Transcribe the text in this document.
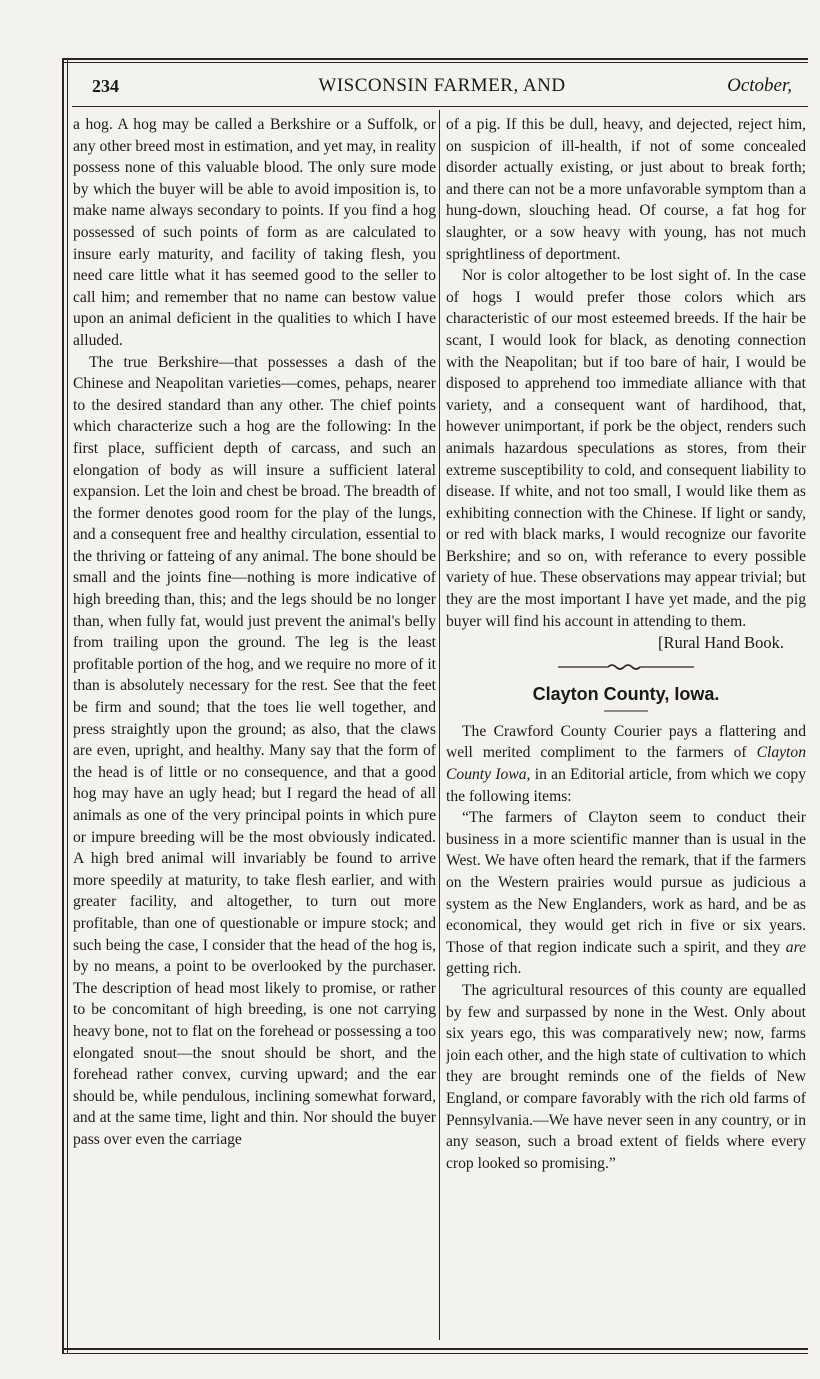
234	WISCONSIN FARMER, AND	October,

a hog. A hog may be called a Berkshire or a Suffolk, or any other breed most in estimation, and yet may, in reality possess none of this valuable blood. The only sure mode by which the buyer will be able to avoid imposition is, to make name always secondary to points. If you find a hog possessed of such points of form as are calculated to insure early maturity, and facility of taking flesh, you need care little what it has seemed good to the seller to call him; and remember that no name can bestow value upon an animal deficient in the qualities to which I have alluded.

The true Berkshire—that possesses a dash of the Chinese and Neapolitan varieties—comes, pehaps, nearer to the desired standard than any other. The chief points which characterize such a hog are the following: In the first place, sufficient depth of carcass, and such an elongation of body as will insure a sufficient lateral expansion. Let the loin and chest be broad. The breadth of the former denotes good room for the play of the lungs, and a consequent free and healthy circulation, essential to the thriving or fatteing of any animal. The bone should be small and the joints fine—nothing is more indicative of high breeding than, this; and the legs should be no longer than, when fully fat, would just prevent the animal's belly from trailing upon the ground. The leg is the least profitable portion of the hog, and we require no more of it than is absolutely necessary for the rest. See that the feet be firm and sound; that the toes lie well together, and press straightly upon the ground; as also, that the claws are even, upright, and healthy. Many say that the form of the head is of little or no consequence, and that a good hog may have an ugly head; but I regard the head of all animals as one of the very principal points in which pure or impure breeding will be the most obviously indicated. A high bred animal will invariably be found to arrive more speedily at maturity, to take flesh earlier, and with greater facility, and altogether, to turn out more profitable, than one of questionable or impure stock; and such being the case, I consider that the head of the hog is, by no means, a point to be overlooked by the purchaser. The description of head most likely to promise, or rather to be concomitant of high breeding, is one not carrying heavy bone, not to flat on the forehead or possessing a too elongated snout—the snout should be short, and the forehead rather convex, curving upward; and the ear should be, while pendulous, inclining somewhat forward, and at the same time, light and thin. Nor should the buyer pass over even the carriage

of a pig. If this be dull, heavy, and dejected, reject him, on suspicion of ill-health, if not of some concealed disorder actually existing, or just about to break forth; and there can not be a more unfavorable symptom than a hung-down, slouching head. Of course, a fat hog for slaughter, or a sow heavy with young, has not much sprightliness of deportment.

Nor is color altogether to be lost sight of. In the case of hogs I would prefer those colors which ars characteristic of our most esteemed breeds. If the hair be scant, I would look for black, as denoting connection with the Neapolitan; but if too bare of hair, I would be disposed to apprehend too immediate alliance with that variety, and a consequent want of hardihood, that, however unimportant, if pork be the object, renders such animals hazardous speculations as stores, from their extreme susceptibility to cold, and consequent liability to disease. If white, and not too small, I would like them as exhibiting connection with the Chinese. If light or sandy, or red with black marks, I would recognize our favorite Berkshire; and so on, with referance to every possible variety of hue. These observations may appear trivial; but they are the most important I have yet made, and the pig buyer will find his account in attending to them.

[Rural Hand Book.

Clayton County, Iowa.

The Crawford County Courier pays a flattering and well merited compliment to the farmers of Clayton County Iowa, in an Editorial article, from which we copy the following items:

“The farmers of Clayton seem to conduct their business in a more scientific manner than is usual in the West. We have often heard the remark, that if the farmers on the Western prairies would pursue as judicious a system as the New Englanders, work as hard, and be as economical, they would get rich in five or six years. Those of that region indicate such a spirit, and they are getting rich.

The agricultural resources of this county are equalled by few and surpassed by none in the West. Only about six years ego, this was comparatively new; now, farms join each other, and the high state of cultivation to which they are brought reminds one of the fields of New England, or compare favorably with the rich old farms of Pennsylvania.—We have never seen in any country, or in any season, such a broad extent of fields where every crop looked so promising.”
